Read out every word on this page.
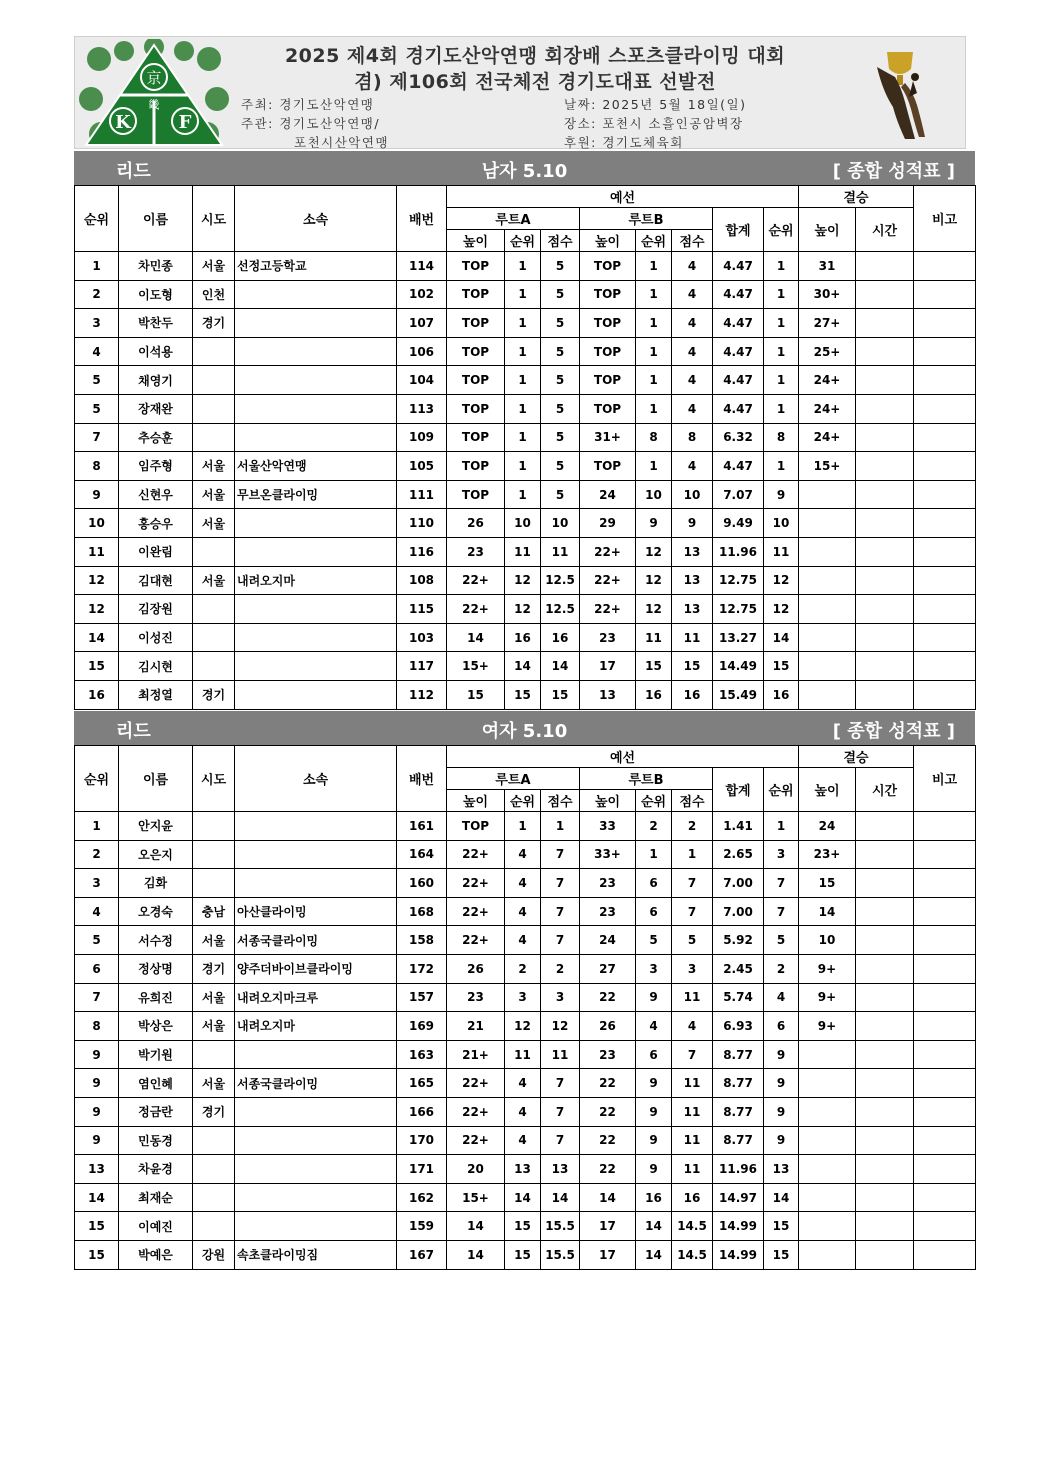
京
畿
K	F
2025 제4회 경기도산악연맹 회장배 스포츠클라이밍 대회
겸) 제106회 전국체전 경기도대표 선발전
주최: 경기도산악연맹
주관: 경기도산악연맹/
포천시산악연맹
날짜: 2025년 5월 18일(일)
장소: 포천시 소흘인공암벽장
후원: 경기도체육회
리드	남자 5.10	[ 종합 성적표 ]
순위	이름	시도	소속	배번	예선								결승		비고
					루트A			루트B			합계	순위	높이	시간	
					높이	순위	점수	높이	순위	점수					
1	차민종	서울	선정고등학교	114	TOP	1	5	TOP	1	4	4.47	1	31		
2	이도형	인천		102	TOP	1	5	TOP	1	4	4.47	1	30+		
3	박찬두	경기		107	TOP	1	5	TOP	1	4	4.47	1	27+		
4	이석용			106	TOP	1	5	TOP	1	4	4.47	1	25+		
5	채영기			104	TOP	1	5	TOP	1	4	4.47	1	24+		
5	장재완			113	TOP	1	5	TOP	1	4	4.47	1	24+		
7	추승훈			109	TOP	1	5	31+	8	8	6.32	8	24+		
8	임주형	서울	서울산악연맹	105	TOP	1	5	TOP	1	4	4.47	1	15+		
9	신현우	서울	무브온클라이밍	111	TOP	1	5	24	10	10	7.07	9			
10	홍승우	서울		110	26	10	10	29	9	9	9.49	10			
11	이완림			116	23	11	11	22+	12	13	11.96	11			
12	김대현	서울	내려오지마	108	22+	12	12.5	22+	12	13	12.75	12			
12	김장원			115	22+	12	12.5	22+	12	13	12.75	12			
14	이성진			103	14	16	16	23	11	11	13.27	14			
15	김시현			117	15+	14	14	17	15	15	14.49	15			
16	최정열	경기		112	15	15	15	13	16	16	15.49	16			
리드	여자 5.10	[ 종합 성적표 ]
순위	이름	시도	소속	배번	예선								결승		비고
					루트A			루트B			합계	순위	높이	시간	
					높이	순위	점수	높이	순위	점수					
1	안지윤			161	TOP	1	1	33	2	2	1.41	1	24		
2	오은지			164	22+	4	7	33+	1	1	2.65	3	23+		
3	김화			160	22+	4	7	23	6	7	7.00	7	15		
4	오경숙	충남	아산클라이밍	168	22+	4	7	23	6	7	7.00	7	14		
5	서수정	서울	서종국클라이밍	158	22+	4	7	24	5	5	5.92	5	10		
6	정상명	경기	양주더바이브클라이밍	172	26	2	2	27	3	3	2.45	2	9+		
7	유희진	서울	내려오지마크루	157	23	3	3	22	9	11	5.74	4	9+		
8	박상은	서울	내려오지마	169	21	12	12	26	4	4	6.93	6	9+		
9	박기원			163	21+	11	11	23	6	7	8.77	9			
9	염인혜	서울	서종국클라이밍	165	22+	4	7	22	9	11	8.77	9			
9	정금란	경기		166	22+	4	7	22	9	11	8.77	9			
9	민동경			170	22+	4	7	22	9	11	8.77	9			
13	차윤경			171	20	13	13	22	9	11	11.96	13			
14	최재순			162	15+	14	14	14	16	16	14.97	14			
15	이예진			159	14	15	15.5	17	14	14.5	14.99	15			
15	박예은	강원	속초클라이밍짐	167	14	15	15.5	17	14	14.5	14.99	15			
